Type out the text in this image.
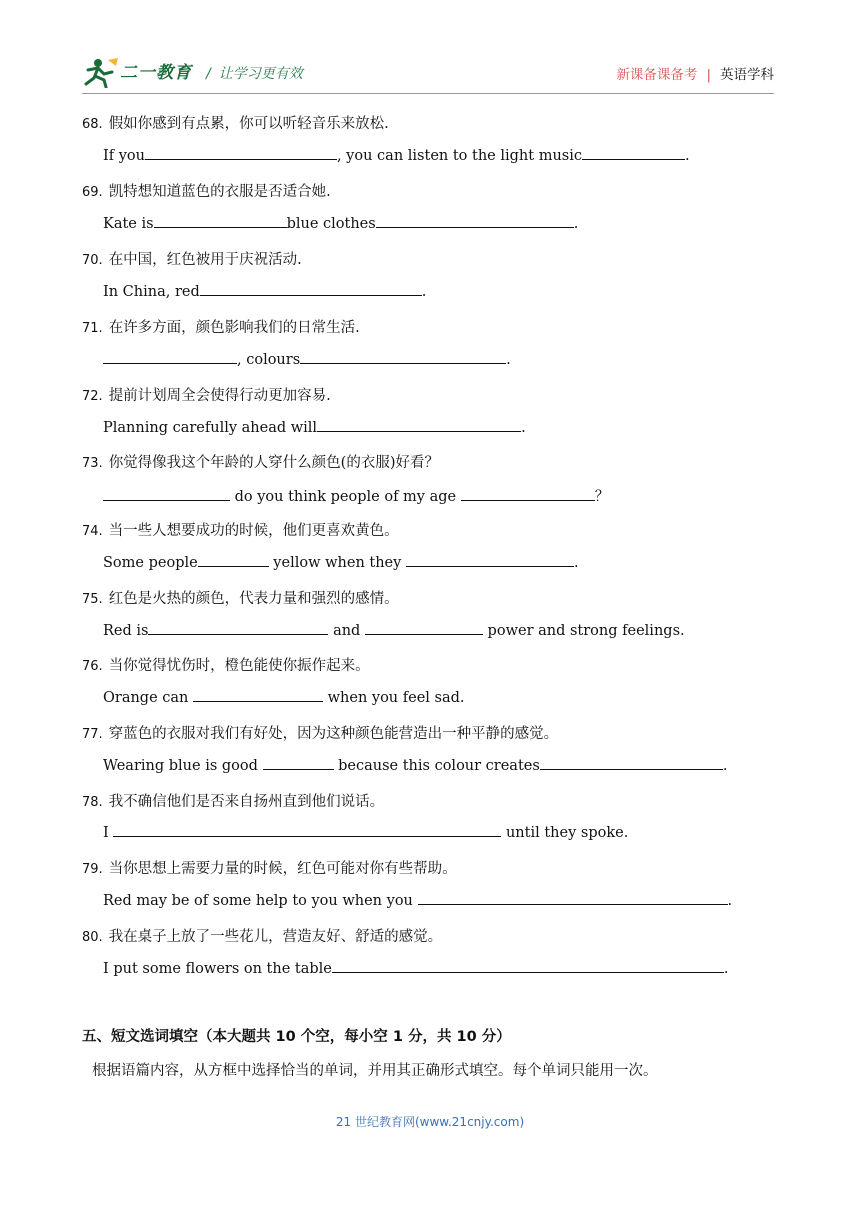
二一教育 / 让学习更有效	新课备课备考 | 英语学科
68. 假如你感到有点累，你可以听轻音乐来放松.
If you	, you can listen to the light music	.
69. 凯特想知道蓝色的衣服是否适合她.
Kate is	blue clothes	.
70. 在中国，红色被用于庆祝活动.
In China, red	.
71. 在许多方面，颜色影响我们的日常生活.
, colours	.
72. 提前计划周全会使得行动更加容易.
Planning carefully ahead will	.
73. 你觉得像我这个年龄的人穿什么颜色(的衣服)好看？
do you think people of my age	？
74. 当一些人想要成功的时候，他们更喜欢黄色。
Some people	yellow when they	.
75. 红色是火热的颜色，代表力量和强烈的感情。
Red is	and	power and strong feelings.
76. 当你觉得忧伤时，橙色能使你振作起来。
Orange can	when you feel sad.
77. 穿蓝色的衣服对我们有好处，因为这种颜色能营造出一种平静的感觉。
Wearing blue is good	because this colour creates	.
78. 我不确信他们是否来自扬州直到他们说话。
I	until they spoke.
79. 当你思想上需要力量的时候，红色可能对你有些帮助。
Red may be of some help to you when you	.
80. 我在桌子上放了一些花儿，营造友好、舒适的感觉。
I put some flowers on the table	.
五、短文选词填空（本大题共 10 个空，每小空 1 分，共 10 分）
根据语篇内容，从方框中选择恰当的单词，并用其正确形式填空。每个单词只能用一次。
21 世纪教育网(www.21cnjy.com)
